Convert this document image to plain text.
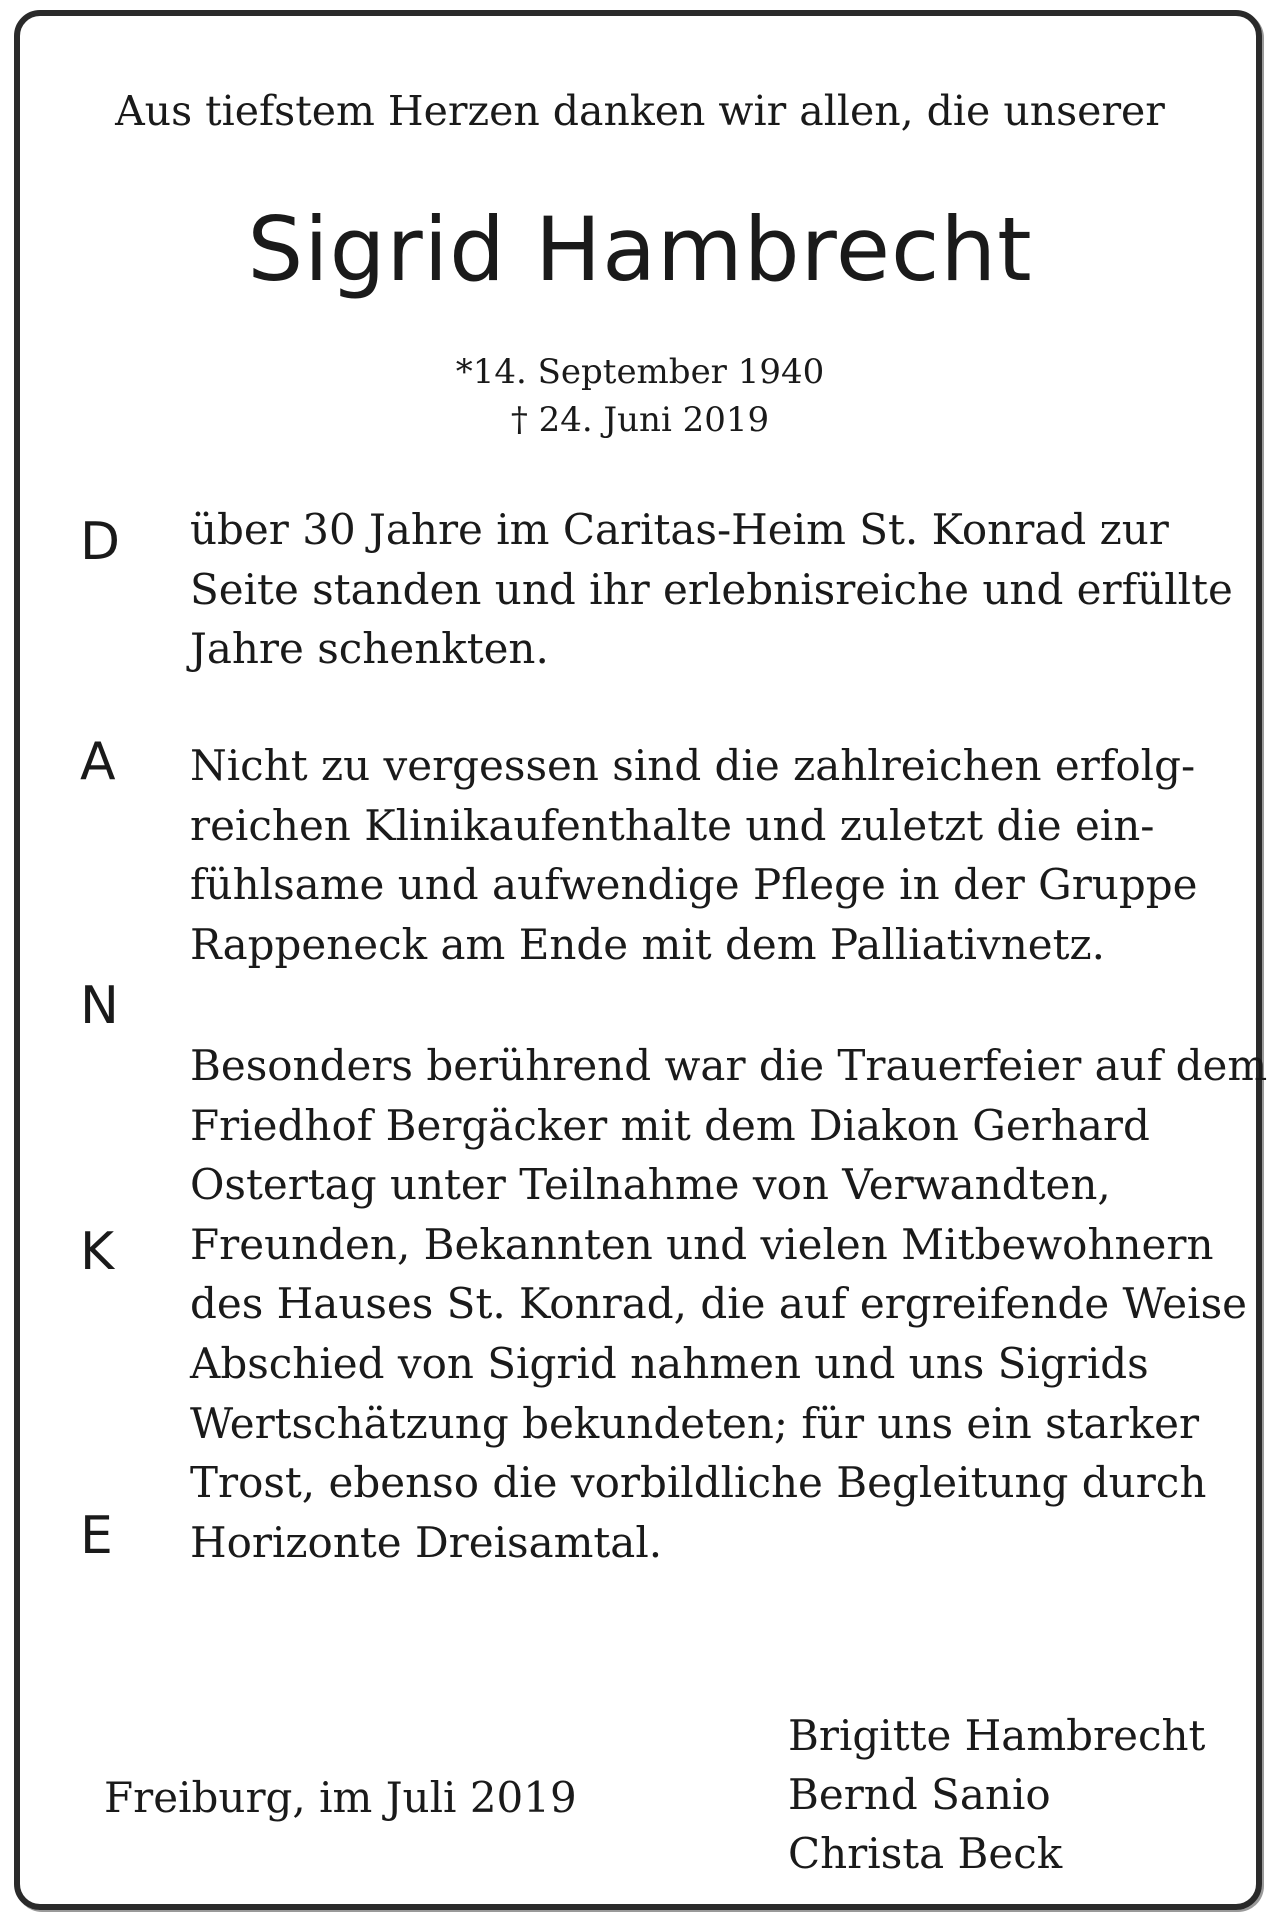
Aus tiefstem Herzen danken wir allen, die unserer
Sigrid Hambrecht
*14. September 1940
† 24. Juni 2019
D
A
N
K
E
über 30 Jahre im Caritas-Heim St. Konrad zur
Seite standen und ihr erlebnisreiche und erfüllte
Jahre schenkten.
Nicht zu vergessen sind die zahlreichen erfolg-
reichen Klinikaufenthalte und zuletzt die ein-
fühlsame und aufwendige Pflege in der Gruppe
Rappeneck am Ende mit dem Palliativnetz.
Besonders berührend war die Trauerfeier auf dem
Friedhof Bergäcker mit dem Diakon Gerhard
Ostertag unter Teilnahme von Verwandten,
Freunden, Bekannten und vielen Mitbewohnern
des Hauses St. Konrad, die auf ergreifende Weise
Abschied von Sigrid nahmen und uns Sigrids
Wertschätzung bekundeten; für uns ein starker
Trost, ebenso die vorbildliche Begleitung durch
Horizonte Dreisamtal.
Freiburg, im Juli 2019
Brigitte Hambrecht
Bernd Sanio
Christa Beck
